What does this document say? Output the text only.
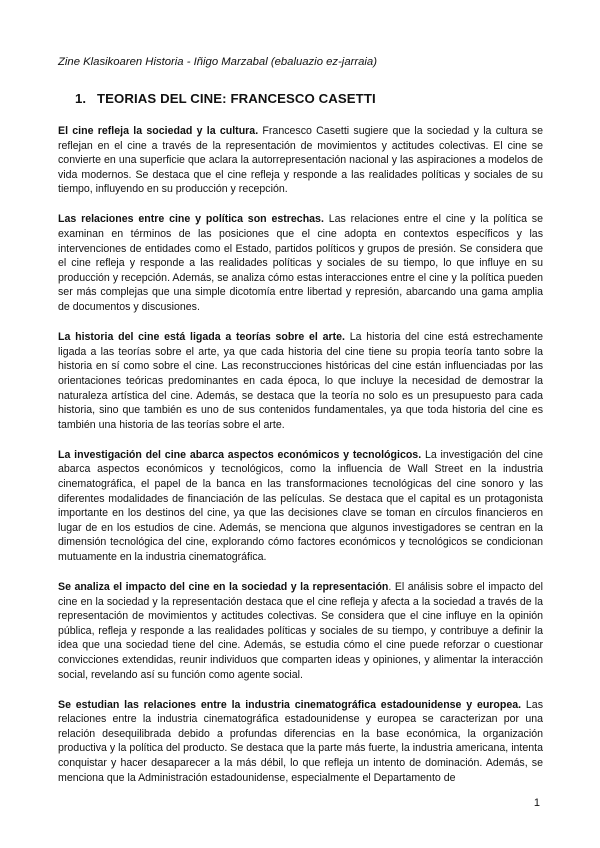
Zine Klasikoaren Historia - Iñigo Marzabal (ebaluazio ez-jarraia)
1. TEORIAS DEL CINE: FRANCESCO CASETTI

El cine refleja la sociedad y la cultura. Francesco Casetti sugiere que la sociedad y la cultura se reflejan en el cine a través de la representación de movimientos y actitudes colectivas. El cine se convierte en una superficie que aclara la autorrepresentación nacional y las aspiraciones a modelos de vida modernos. Se destaca que el cine refleja y responde a las realidades políticas y sociales de su tiempo, influyendo en su producción y recepción.

Las relaciones entre cine y política son estrechas. Las relaciones entre el cine y la política se examinan en términos de las posiciones que el cine adopta en contextos específicos y las intervenciones de entidades como el Estado, partidos políticos y grupos de presión. Se considera que el cine refleja y responde a las realidades políticas y sociales de su tiempo, lo que influye en su producción y recepción. Además, se analiza cómo estas interacciones entre el cine y la política pueden ser más complejas que una simple dicotomía entre libertad y represión, abarcando una gama amplia de documentos y discusiones.

La historia del cine está ligada a teorías sobre el arte. La historia del cine está estrechamente ligada a las teorías sobre el arte, ya que cada historia del cine tiene su propia teoría tanto sobre la historia en sí como sobre el cine. Las reconstrucciones históricas del cine están influenciadas por las orientaciones teóricas predominantes en cada época, lo que incluye la necesidad de demostrar la naturaleza artística del cine. Además, se destaca que la teoría no solo es un presupuesto para cada historia, sino que también es uno de sus contenidos fundamentales, ya que toda historia del cine es también una historia de las teorías sobre el arte.

La investigación del cine abarca aspectos económicos y tecnológicos. La investigación del cine abarca aspectos económicos y tecnológicos, como la influencia de Wall Street en la industria cinematográfica, el papel de la banca en las transformaciones tecnológicas del cine sonoro y las diferentes modalidades de financiación de las películas. Se destaca que el capital es un protagonista importante en los destinos del cine, ya que las decisiones clave se toman en círculos financieros en lugar de en los estudios de cine. Además, se menciona que algunos investigadores se centran en la dimensión tecnológica del cine, explorando cómo factores económicos y tecnológicos se condicionan mutuamente en la industria cinematográfica.

Se analiza el impacto del cine en la sociedad y la representación. El análisis sobre el impacto del cine en la sociedad y la representación destaca que el cine refleja y afecta a la sociedad a través de la representación de movimientos y actitudes colectivas. Se considera que el cine influye en la opinión pública, refleja y responde a las realidades políticas y sociales de su tiempo, y contribuye a definir la idea que una sociedad tiene del cine. Además, se estudia cómo el cine puede reforzar o cuestionar convicciones extendidas, reunir individuos que comparten ideas y opiniones, y alimentar la interacción social, revelando así su función como agente social.

Se estudian las relaciones entre la industria cinematográfica estadounidense y europea. Las relaciones entre la industria cinematográfica estadounidense y europea se caracterizan por una relación desequilibrada debido a profundas diferencias en la base económica, la organización productiva y la política del producto. Se destaca que la parte más fuerte, la industria americana, intenta conquistar y hacer desaparecer a la más débil, lo que refleja un intento de dominación. Además, se menciona que la Administración estadounidense, especialmente el Departamento de

1
